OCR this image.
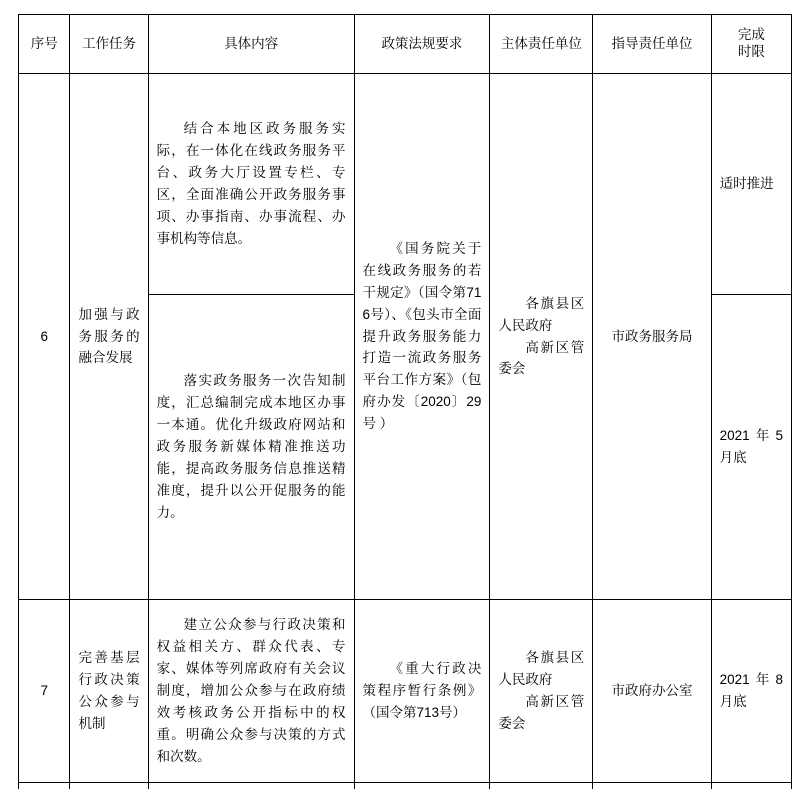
序号	工作任务	具体内容	政策法规要求	主体责任单位	指导责任单位	完成
时限

6	加强与政务服务的融合发展	结合本地区政务服务实际，在一体化在线政务服务平台、政务大厅设置专栏、专区，全面准确公开政务服务事项、办事指南、办事流程、办事机构等信息。	《国务院关于在线政务服务的若干规定》（国令第716号）、《包头市全面提升政务服务能力打造一流政务服务平台工作方案》（包府办发〔2020〕29号 ）	各旗县区人民政府
高新区管委会	市政务服务局	适时推进
		落实政务服务一次告知制度，汇总编制完成本地区办事一本通。优化升级政府网站和政务服务新媒体精准推送功能，提高政务服务信息推送精准度，提升以公开促服务的能力。				2021年5月底
7	完善基层行政决策公众参与机制	建立公众参与行政决策和权益相关方、群众代表、专家、媒体等列席政府有关会议制度，增加公众参与在政府绩效考核政务公开指标中的权重。明确公众参与决策的方式和次数。	《重大行政决策程序暂行条例》（国令第713号）	各旗县区人民政府
高新区管委会	市政府办公室	2021年8月底
